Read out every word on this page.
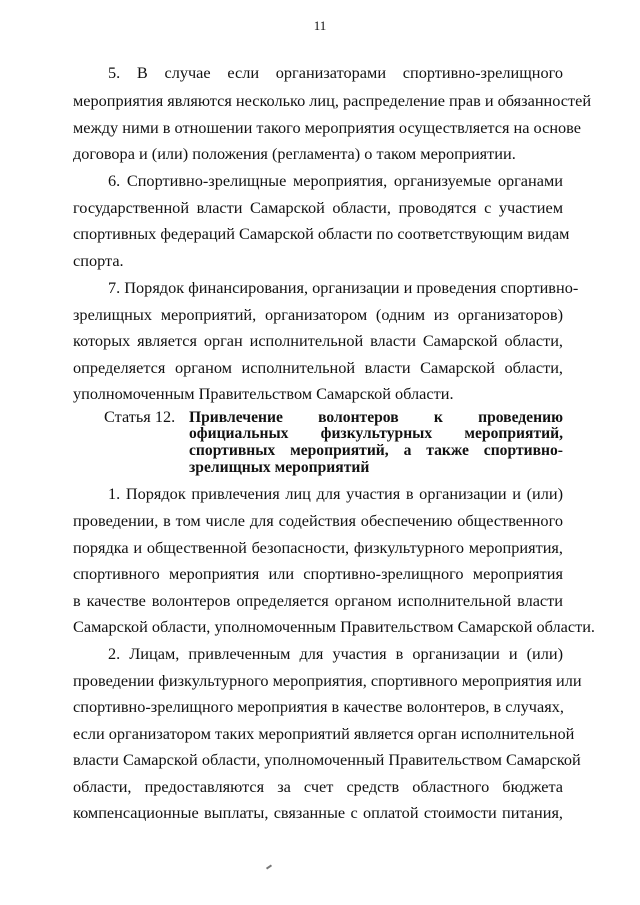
11
5. В случае если организаторами спортивно-зрелищного
мероприятия являются несколько лиц, распределение прав и обязанностей
между ними в отношении такого мероприятия осуществляется на основе
договора и (или) положения (регламента) о таком мероприятии.
6. Спортивно-зрелищные мероприятия, организуемые органами
государственной власти Самарской области, проводятся с участием
спортивных федераций Самарской области по соответствующим видам
спорта.
7. Порядок финансирования, организации и проведения спортивно-
зрелищных мероприятий, организатором (одним из организаторов)
которых является орган исполнительной власти Самарской области,
определяется органом исполнительной власти Самарской области,
уполномоченным Правительством Самарской области.
Статья 12. Привлечение волонтеров к проведению
официальных физкультурных мероприятий,
спортивных мероприятий, а также спортивно-
зрелищных мероприятий
1. Порядок привлечения лиц для участия в организации и (или)
проведении, в том числе для содействия обеспечению общественного
порядка и общественной безопасности, физкультурного мероприятия,
спортивного мероприятия или спортивно-зрелищного мероприятия
в качестве волонтеров определяется органом исполнительной власти
Самарской области, уполномоченным Правительством Самарской области.
2. Лицам, привлеченным для участия в организации и (или)
проведении физкультурного мероприятия, спортивного мероприятия или
спортивно-зрелищного мероприятия в качестве волонтеров, в случаях,
если организатором таких мероприятий является орган исполнительной
власти Самарской области, уполномоченный Правительством Самарской
области, предоставляются за счет средств областного бюджета
компенсационные выплаты, связанные с оплатой стоимости питания,
